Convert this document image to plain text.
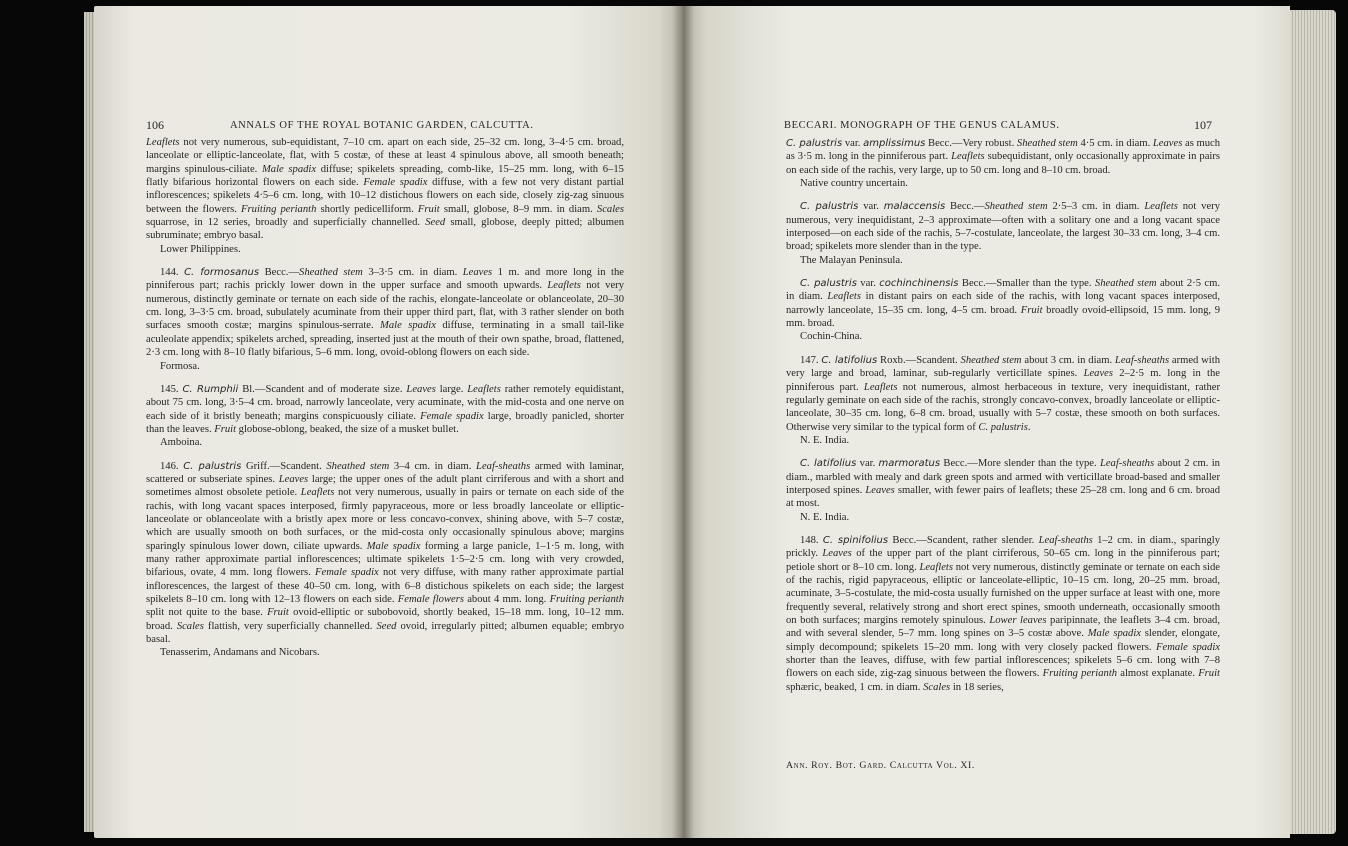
106	ANNALS OF THE ROYAL BOTANIC GARDEN, CALCUTTA.

Leaflets not very numerous, sub-equidistant, 7–10 cm. apart on each side, 25–32 cm. long, 3–4·5 cm. broad, lanceolate or elliptic-lanceolate, flat, with 5 costæ, of these at least 4 spinulous above, all smooth beneath; margins spinulous-ciliate. Male spadix diffuse; spikelets spreading, comb-like, 15–25 mm. long, with 6–15 flatly bifarious horizontal flowers on each side. Female spadix diffuse, with a few not very distant partial inflorescences; spikelets 4·5–6 cm. long, with 10–12 distichous flowers on each side, closely zig-zag sinuous between the flowers. Fruiting perianth shortly pedicelliform. Fruit small, globose, 8–9 mm. in diam. Scales squarrose, in 12 series, broadly and superficially channelled. Seed small, globose, deeply pitted; albumen subruminate; embryo basal.

Lower Philippines.

144. C. formosanus Becc.—Sheathed stem 3–3·5 cm. in diam. Leaves 1 m. and more long in the pinniferous part; rachis prickly lower down in the upper surface and smooth upwards. Leaflets not very numerous, distinctly geminate or ternate on each side of the rachis, elongate-lanceolate or oblanceolate, 20–30 cm. long, 3–3·5 cm. broad, subulately acuminate from their upper third part, flat, with 3 rather slender on both surfaces smooth costæ; margins spinulous-serrate. Male spadix diffuse, terminating in a small tail-like aculeolate appendix; spikelets arched, spreading, inserted just at the mouth of their own spathe, broad, flattened, 2·3 cm. long with 8–10 flatly bifarious, 5–6 mm. long, ovoid-oblong flowers on each side.

Formosa.

145. C. Rumphii Bl.—Scandent and of moderate size. Leaves large. Leaflets rather remotely equidistant, about 75 cm. long, 3·5–4 cm. broad, narrowly lanceolate, very acuminate, with the mid-costa and one nerve on each side of it bristly beneath; margins conspicuously ciliate. Female spadix large, broadly panicled, shorter than the leaves. Fruit globose-oblong, beaked, the size of a musket bullet.

Amboina.

146. C. palustris Griff.—Scandent. Sheathed stem 3–4 cm. in diam. Leaf-sheaths armed with laminar, scattered or subseriate spines. Leaves large; the upper ones of the adult plant cirriferous and with a short and sometimes almost obsolete petiole. Leaflets not very numerous, usually in pairs or ternate on each side of the rachis, with long vacant spaces interposed, firmly papyraceous, more or less broadly lanceolate or elliptic-lanceolate or oblanceolate with a bristly apex more or less concavo-convex, shining above, with 5–7 costæ, which are usually smooth on both surfaces, or the mid-costa only occasionally spinulous above; margins sparingly spinulous lower down, ciliate upwards. Male spadix forming a large panicle, 1–1·5 m. long, with many rather approximate partial inflorescences; ultimate spikelets 1·5–2·5 cm. long with very crowded, bifarious, ovate, 4 mm. long flowers. Female spadix not very diffuse, with many rather approximate partial inflorescences, the largest of these 40–50 cm. long, with 6–8 distichous spikelets on each side; the largest spikelets 8–10 cm. long with 12–13 flowers on each side. Female flowers about 4 mm. long. Fruiting perianth split not quite to the base. Fruit ovoid-elliptic or subobovoid, shortly beaked, 15–18 mm. long, 10–12 mm. broad. Scales flattish, very superficially channelled. Seed ovoid, irregularly pitted; albumen equable; embryo basal.

Tenasserim, Andamans and Nicobars.

BECCARI. MONOGRAPH OF THE GENUS CALAMUS.	107

C. palustris var. amplissimus Becc.—Very robust. Sheathed stem 4·5 cm. in diam. Leaves as much as 3·5 m. long in the pinniferous part. Leaflets subequidistant, only occasionally approximate in pairs on each side of the rachis, very large, up to 50 cm. long and 8–10 cm. broad.

Native country uncertain.

C. palustris var. malaccensis Becc.—Sheathed stem 2·5–3 cm. in diam. Leaflets not very numerous, very inequidistant, 2–3 approximate—often with a solitary one and a long vacant space interposed—on each side of the rachis, 5–7-costulate, lanceolate, the largest 30–33 cm. long, 3–4 cm. broad; spikelets more slender than in the type.

The Malayan Peninsula.

C. palustris var. cochinchinensis Becc.—Smaller than the type. Sheathed stem about 2·5 cm. in diam. Leaflets in distant pairs on each side of the rachis, with long vacant spaces interposed, narrowly lanceolate, 15–35 cm. long, 4–5 cm. broad. Fruit broadly ovoid-ellipsoid, 15 mm. long, 9 mm. broad.

Cochin-China.

147. C. latifolius Roxb.—Scandent. Sheathed stem about 3 cm. in diam. Leaf-sheaths armed with very large and broad, laminar, sub-regularly verticillate spines. Leaves 2–2·5 m. long in the pinniferous part. Leaflets not numerous, almost herbaceous in texture, very inequidistant, rather regularly geminate on each side of the rachis, strongly concavo-convex, broadly lanceolate or elliptic-lanceolate, 30–35 cm. long, 6–8 cm. broad, usually with 5–7 costæ, these smooth on both surfaces. Otherwise very similar to the typical form of C. palustris.

N. E. India.

C. latifolius var. marmoratus Becc.—More slender than the type. Leaf-sheaths about 2 cm. in diam., marbled with mealy and dark green spots and armed with verticillate broad-based and smaller interposed spines. Leaves smaller, with fewer pairs of leaflets; these 25–28 cm. long and 6 cm. broad at most.

N. E. India.

148. C. spinifolius Becc.—Scandent, rather slender. Leaf-sheaths 1–2 cm. in diam., sparingly prickly. Leaves of the upper part of the plant cirriferous, 50–65 cm. long in the pinniferous part; petiole short or 8–10 cm. long. Leaflets not very numerous, distinctly geminate or ternate on each side of the rachis, rigid papyraceous, elliptic or lanceolate-elliptic, 10–15 cm. long, 20–25 mm. broad, acuminate, 3–5-costulate, the mid-costa usually furnished on the upper surface at least with one, more frequently several, relatively strong and short erect spines, smooth underneath, occasionally smooth on both surfaces; margins remotely spinulous. Lower leaves paripinnate, the leaflets 3–4 cm. broad, and with several slender, 5–7 mm. long spines on 3–5 costæ above. Male spadix slender, elongate, simply decompound; spikelets 15–20 mm. long with very closely packed flowers. Female spadix shorter than the leaves, diffuse, with few partial inflorescences; spikelets 5–6 cm. long with 7–8 flowers on each side, zig-zag sinuous between the flowers. Fruiting perianth almost explanate. Fruit sphæric, beaked, 1 cm. in diam. Scales in 18 series,

Ann. Roy. Bot. Gard. Calcutta Vol. XI.
